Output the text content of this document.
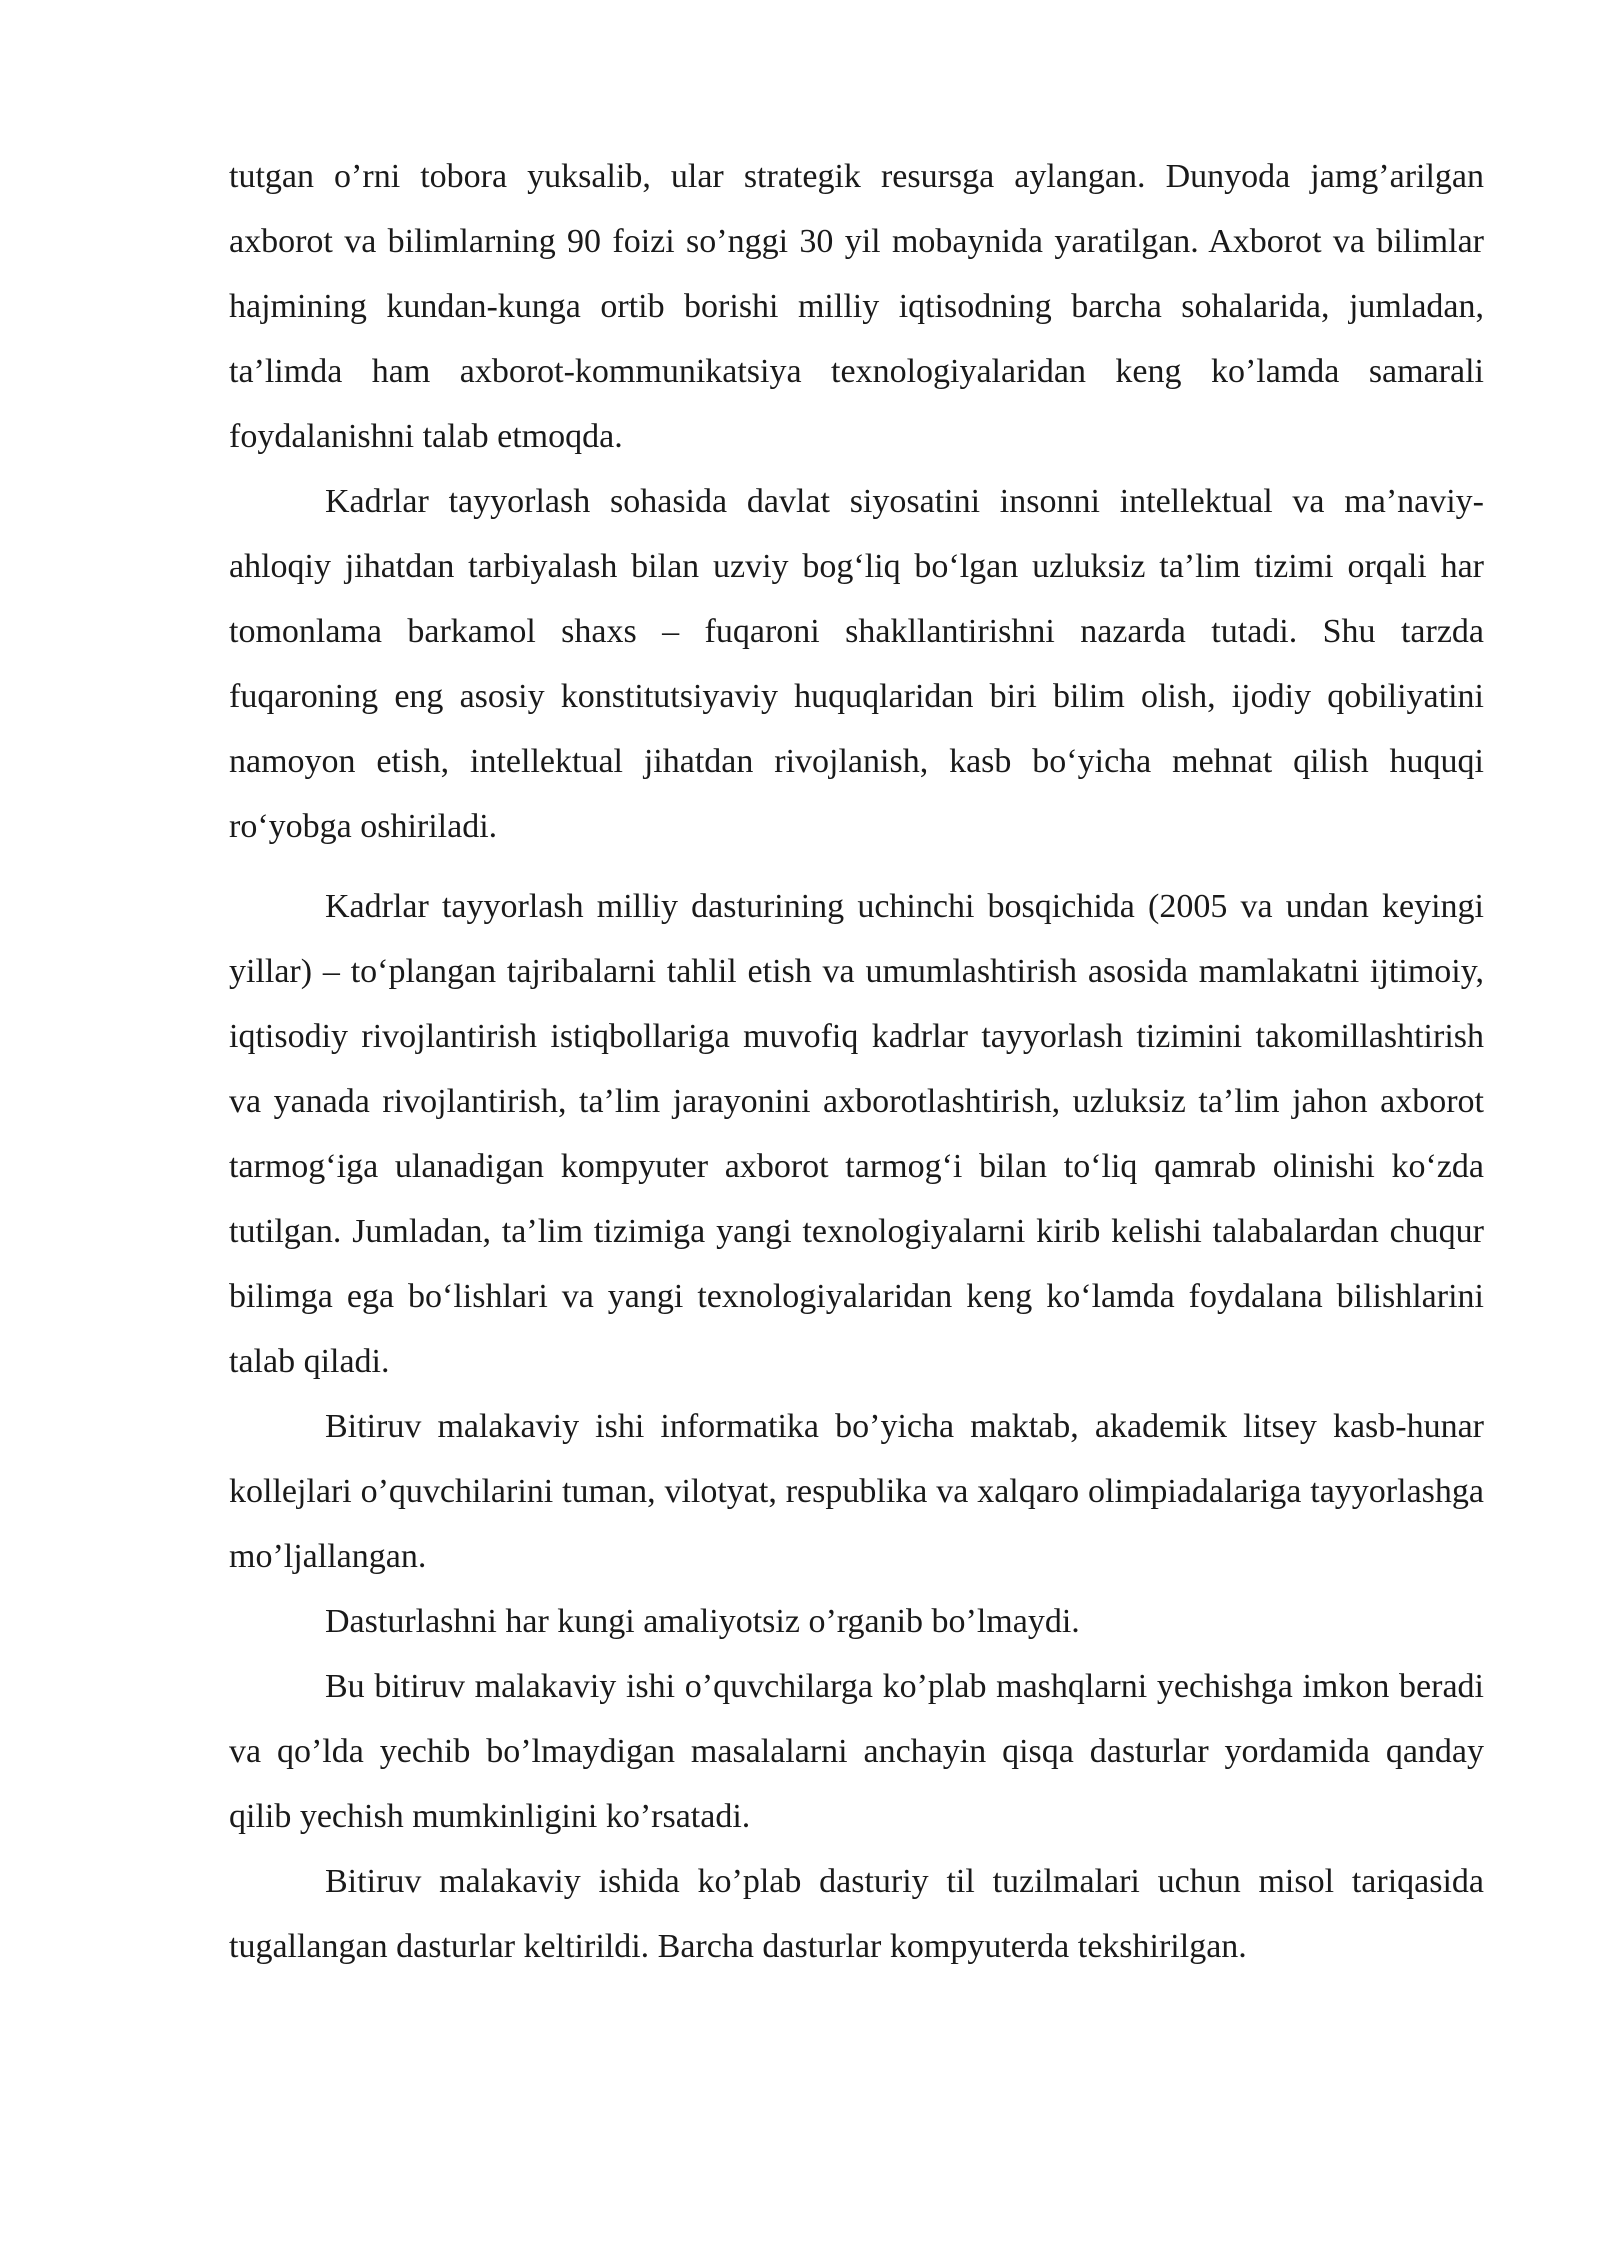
tutgan o’rni tobora yuksalib, ular strategik resursga aylangan. Dunyoda jamg’arilgan axborot va bilimlarning 90 foizi so’nggi 30 yil mobaynida yaratilgan. Axborot va bilimlar hajmining kundan-kunga ortib borishi milliy iqtisodning barcha sohalarida, jumladan, ta’limda ham axborot-kommunikatsiya texnologiyalaridan keng ko’lamda samarali foydalanishni talab etmoqda.

Kadrlar tayyorlash sohasida davlat siyosatini insonni intellektual va ma’naviy-ahloqiy jihatdan tarbiyalash bilan uzviy bog‘liq bo‘lgan uzluksiz ta’lim tizimi orqali har tomonlama barkamol shaxs – fuqaroni shakllantirishni nazarda tutadi. Shu tarzda fuqaroning eng asosiy konstitutsiyaviy huquqlaridan biri bilim olish, ijodiy qobiliyatini namoyon etish, intellektual jihatdan rivojlanish, kasb bo‘yicha mehnat qilish huquqi ro‘yobga oshiriladi.

Kadrlar tayyorlash milliy dasturining uchinchi bosqichida (2005 va undan keyingi yillar) – to‘plangan tajribalarni tahlil etish va umumlashtirish asosida mamlakatni ijtimoiy, iqtisodiy rivojlantirish istiqbollariga muvofiq kadrlar tayyorlash tizimini takomillashtirish va yanada rivojlantirish, ta’lim jarayonini axborotlashtirish, uzluksiz ta’lim jahon axborot tarmog‘iga ulanadigan kompyuter axborot tarmog‘i bilan to‘liq qamrab olinishi ko‘zda tutilgan. Jumladan, ta’lim tizimiga yangi texnologiyalarni kirib kelishi talabalardan chuqur bilimga ega bo‘lishlari va yangi texnologiyalaridan keng ko‘lamda foydalana bilishlarini talab qiladi.

Bitiruv malakaviy ishi informatika bo’yicha maktab, akademik litsey kasb-hunar kollejlari o’quvchilarini tuman, vilotyat, respublika va xalqaro olimpiadalariga tayyorlashga mo’ljallangan.

Dasturlashni har kungi amaliyotsiz o’rganib bo’lmaydi.

Bu bitiruv malakaviy ishi o’quvchilarga ko’plab mashqlarni yechishga imkon beradi va qo’lda yechib bo’lmaydigan masalalarni anchayin qisqa dasturlar yordamida qanday qilib yechish mumkinligini ko’rsatadi.

Bitiruv malakaviy ishida ko’plab dasturiy til tuzilmalari uchun misol tariqasida tugallangan dasturlar keltirildi. Barcha dasturlar kompyuterda tekshirilgan.
